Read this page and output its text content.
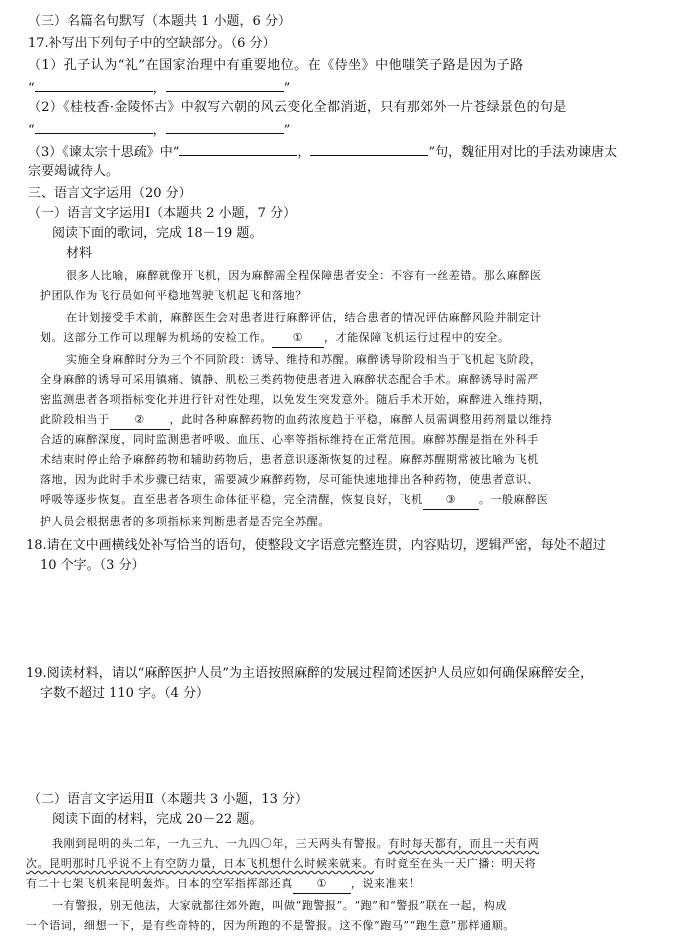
（三）名篇名句默写（本题共 1 小题，6 分）
17.补写出下列句子中的空缺部分。（6 分）
（1）孔子认为“礼”在国家治理中有重要地位。在《侍坐》中他嗤笑子路是因为子路
“	，	”
（2）《桂枝香·金陵怀古》中叙写六朝的风云变化全都消逝，只有那郊外一片苍绿景色的句是
“	，	”
（3）《谏太宗十思疏》中“	，	”句，魏征用对比的手法劝谏唐太
宗要竭诚待人。
三、语言文字运用（20 分）
（一）语言文字运用Ⅰ（本题共 2 小题，7 分）
阅读下面的歌词，完成 18－19 题。
材料
很多人比喻，麻醉就像开飞机，因为麻醉需全程保障患者安全：不容有一丝差错。那么麻醉医
护团队作为飞行员如何平稳地驾驶飞机起飞和落地？
在计划接受手术前，麻醉医生会对患者进行麻醉评估，结合患者的情况评估麻醉风险并制定计
划。这部分工作可以理解为机场的安检工作。 ① ，才能保障飞机运行过程中的安全。
实施全身麻醉时分为三个不同阶段：诱导、维持和苏醒。麻醉诱导阶段相当于飞机起飞阶段，
全身麻醉的诱导可采用镇痛、镇静、肌松三类药物使患者进入麻醉状态配合手术。麻醉诱导时需严
密监测患者各项指标变化并进行针对性处理，以免发生突发意外。随后手术开始，麻醉进入维持期，
此阶段相当于 ② ，此时各种麻醉药物的血药浓度趋于平稳，麻醉人员需调整用药剂量以维持
合适的麻醉深度，同时监测患者呼吸、血压、心率等指标维持在正常范围。麻醉苏醒是指在外科手
术结束时停止给予麻醉药物和辅助药物后，患者意识逐渐恢复的过程。麻醉苏醒期常被比喻为飞机
落地，因为此时手术步骤已结束，需要减少麻醉药物，尽可能快速地排出各种药物，使患者意识、
呼吸等逐步恢复。直至患者各项生命体征平稳，完全清醒，恢复良好，飞机 ③ 。一般麻醉医
护人员会根据患者的多项指标来判断患者是否完全苏醒。
18.请在文中画横线处补写恰当的语句，使整段文字语意完整连贯，内容贴切，逻辑严密，每处不超过
10 个字。（3 分）
19.阅读材料，请以“麻醉医护人员”为主语按照麻醉的发展过程简述医护人员应如何确保麻醉安全，
字数不超过 110 字。（4 分）
（二）语言文字运用Ⅱ（本题共 3 小题，13 分）
阅读下面的材料，完成 20－22 题。
我刚到昆明的头二年，一九三九、一九四〇年，三天两头有警报。有时每天都有，而且一天有两
次。昆明那时几乎说不上有空防力量，日本飞机想什么时候来就来。有时竟至在头一天广播：明天将
有二十七架飞机来昆明轰炸。日本的空军指挥部还真 ① ，说来准来！
一有警报，别无他法，大家就都往郊外跑，叫做“跑警报”。“跑”和“警报”联在一起，构成
一个语词，细想一下，是有些奇特的，因为所跑的不是警报。这不像“跑马”“跑生意”那样通顺。
